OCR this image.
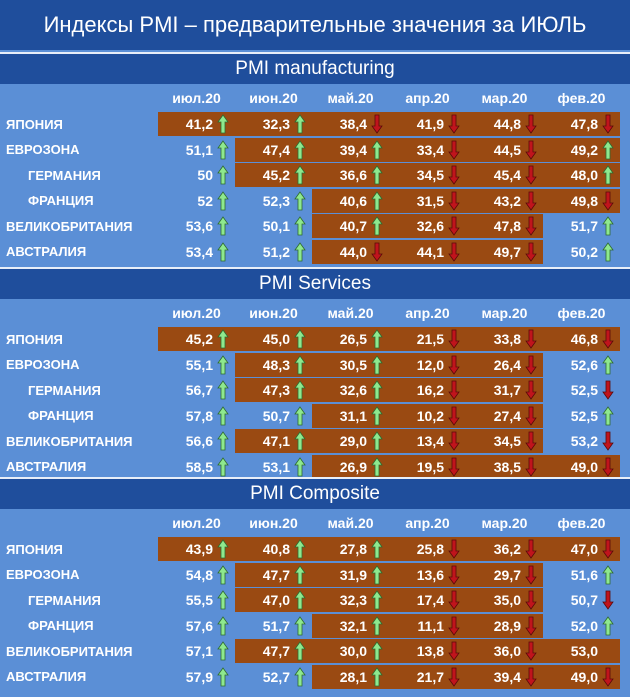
Индексы PMI – предварительные значения за ИЮЛЬ
PMI manufacturing
июл.20	июн.20	май.20	апр.20	мар.20	фев.20
ЯПОНИЯ	41,2	32,3	38,4	41,9	44,8	47,8
ЕВРОЗОНА	51,1	47,4	39,4	33,4	44,5	49,2
ГЕРМАНИЯ	50	45,2	36,6	34,5	45,4	48,0
ФРАНЦИЯ	52	52,3	40,6	31,5	43,2	49,8
ВЕЛИКОБРИТАНИЯ	53,6	50,1	40,7	32,6	47,8	51,7
АВСТРАЛИЯ	53,4	51,2	44,0	44,1	49,7	50,2
PMI Services
июл.20	июн.20	май.20	апр.20	мар.20	фев.20
ЯПОНИЯ	45,2	45,0	26,5	21,5	33,8	46,8
ЕВРОЗОНА	55,1	48,3	30,5	12,0	26,4	52,6
ГЕРМАНИЯ	56,7	47,3	32,6	16,2	31,7	52,5
ФРАНЦИЯ	57,8	50,7	31,1	10,2	27,4	52,5
ВЕЛИКОБРИТАНИЯ	56,6	47,1	29,0	13,4	34,5	53,2
АВСТРАЛИЯ	58,5	53,1	26,9	19,5	38,5	49,0
PMI Composite
июл.20	июн.20	май.20	апр.20	мар.20	фев.20
ЯПОНИЯ	43,9	40,8	27,8	25,8	36,2	47,0
ЕВРОЗОНА	54,8	47,7	31,9	13,6	29,7	51,6
ГЕРМАНИЯ	55,5	47,0	32,3	17,4	35,0	50,7
ФРАНЦИЯ	57,6	51,7	32,1	11,1	28,9	52,0
ВЕЛИКОБРИТАНИЯ	57,1	47,7	30,0	13,8	36,0	53,0
АВСТРАЛИЯ	57,9	52,7	28,1	21,7	39,4	49,0
